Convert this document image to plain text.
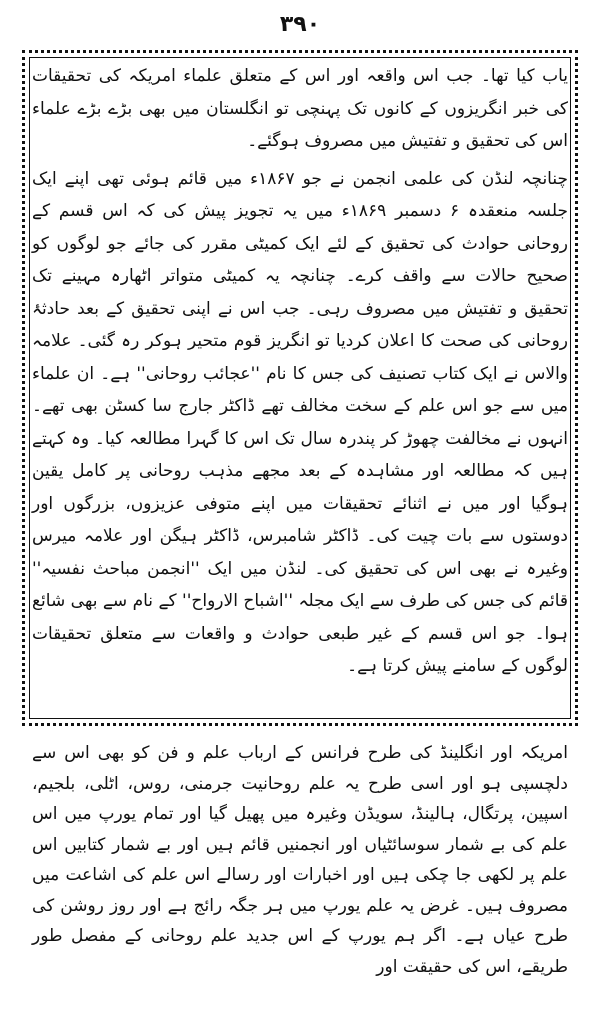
۳۹۰

یاب کیا تھا۔ جب اس واقعہ اور اس کے متعلق علماء امریکہ کی تحقیقات کی خبر انگریزوں کے کانوں تک پہنچی تو انگلستان میں بھی بڑے بڑے علماء اس کی تحقیق و تفتیش میں مصروف ہوگئے۔

چنانچہ لنڈن کی علمی انجمن نے جو ۱۸۶۷ء میں قائم ہوئی تھی اپنے ایک جلسہ منعقدہ ۶ دسمبر ۱۸۶۹ء میں یہ تجویز پیش کی کہ اس قسم کے روحانی حوادث کی تحقیق کے لئے ایک کمیٹی مقرر کی جائے جو لوگوں کو صحیح حالات سے واقف کرے۔ چنانچہ یہ کمیٹی متواتر اٹھارہ مہینے تک تحقیق و تفتیش میں مصروف رہی۔ جب اس نے اپنی تحقیق کے بعد حادثۂ روحانی کی صحت کا اعلان کردیا تو انگریز قوم متحیر ہوکر رہ گئی۔ علامہ والاس نے ایک کتاب تصنیف کی جس کا نام ''عجائب روحانی'' ہے۔ ان علماء میں سے جو اس علم کے سخت مخالف تھے ڈاکٹر جارج سا کسٹن بھی تھے۔ انہوں نے مخالفت چھوڑ کر پندرہ سال تک اس کا گہرا مطالعہ کیا۔ وہ کہتے ہیں کہ مطالعہ اور مشاہدہ کے بعد مجھے مذہب روحانی پر کامل یقین ہوگیا اور میں نے اثنائے تحقیقات میں اپنے متوفی عزیزوں، بزرگوں اور دوستوں سے بات چیت کی۔ ڈاکٹر شامبرس، ڈاکٹر ہیگن اور علامہ میرس وغیرہ نے بھی اس کی تحقیق کی۔ لنڈن میں ایک ''انجمن مباحث نفسیہ'' قائم کی جس کی طرف سے ایک مجلہ ''اشباح الارواح'' کے نام سے بھی شائع ہوا۔ جو اس قسم کے غیر طبعی حوادث و واقعات سے متعلق تحقیقات لوگوں کے سامنے پیش کرتا ہے۔

امریکہ اور انگلینڈ کی طرح فرانس کے ارباب علم و فن کو بھی اس سے دلچسپی ہو اور اسی طرح یہ علم روحانیت جرمنی، روس، اٹلی، بلجیم، اسپین، پرتگال، ہالینڈ، سویڈن وغیرہ میں پھیل گیا اور تمام یورپ میں اس علم کی بے شمار سوسائٹیاں اور انجمنیں قائم ہیں اور بے شمار کتابیں اس علم پر لکھی جا چکی ہیں اور اخبارات اور رسالے اس علم کی اشاعت میں مصروف ہیں۔ غرض یہ علم یورپ میں ہر جگہ رائج ہے اور روز روشن کی طرح عیاں ہے۔ اگر ہم یورپ کے اس جدید علم روحانی کے مفصل طور طریقے، اس کی حقیقت اور
